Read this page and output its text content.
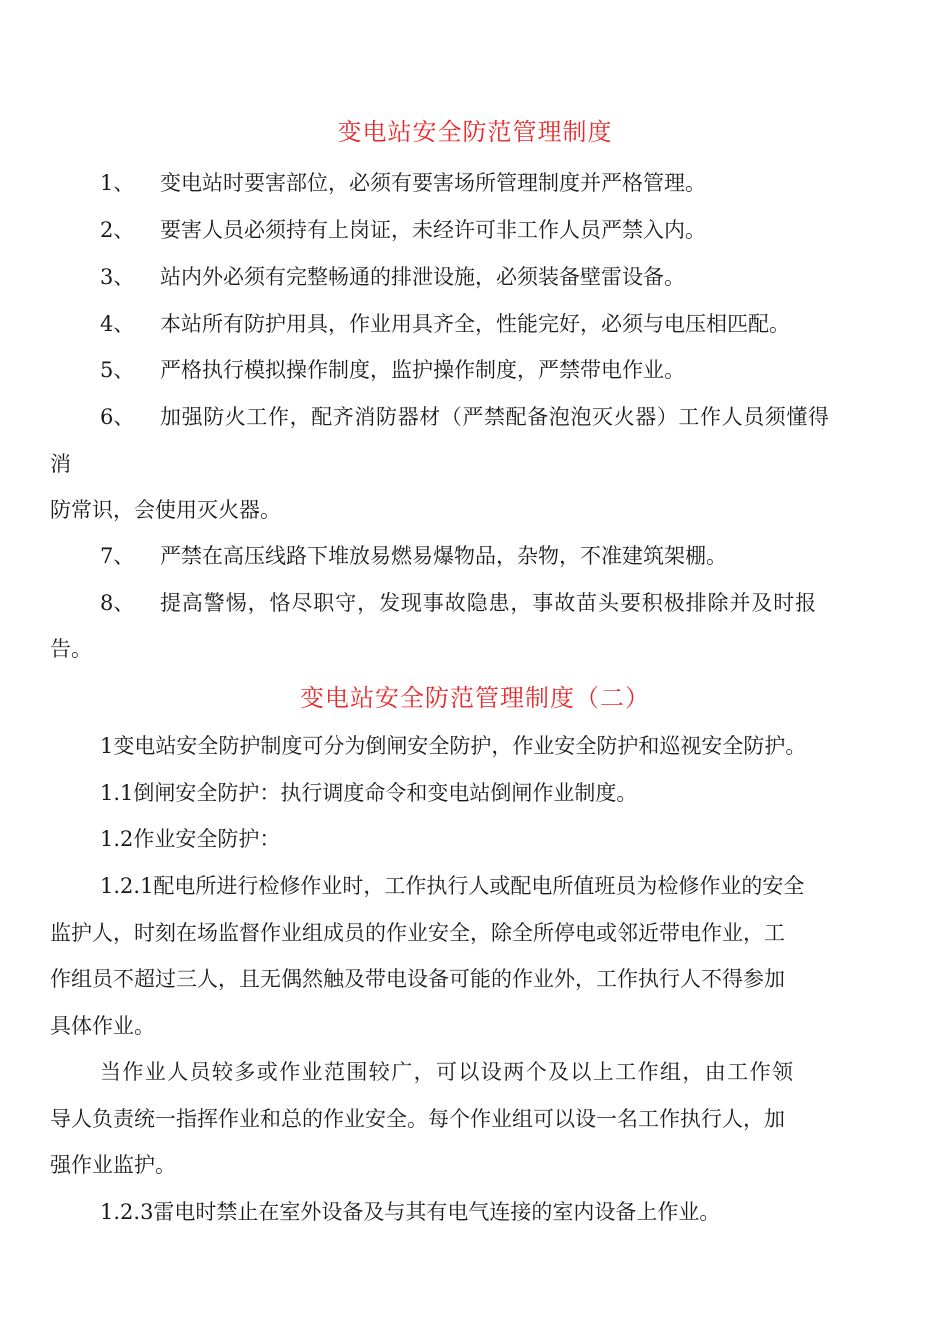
变电站安全防范管理制度
1、 变电站时要害部位，必须有要害场所管理制度并严格管理。
2、 要害人员必须持有上岗证，未经许可非工作人员严禁入内。
3、 站内外必须有完整畅通的排泄设施，必须装备壁雷设备。
4、 本站所有防护用具，作业用具齐全，性能完好，必须与电压相匹配。
5、 严格执行模拟操作制度，监护操作制度，严禁带电作业。
6、 加强防火工作，配齐消防器材（严禁配备泡泡灭火器）工作人员须懂得
消
防常识，会使用灭火器。
7、 严禁在高压线路下堆放易燃易爆物品，杂物，不准建筑架棚。
8、 提高警惕，恪尽职守，发现事故隐患，事故苗头要积极排除并及时报
告。
变电站安全防范管理制度（二）
1变电站安全防护制度可分为倒闸安全防护，作业安全防护和巡视安全防护。
1.1倒闸安全防护：执行调度命令和变电站倒闸作业制度。
1.2作业安全防护：
1.2.1配电所进行检修作业时，工作执行人或配电所值班员为检修作业的安全
监护人，时刻在场监督作业组成员的作业安全，除全所停电或邻近带电作业，工
作组员不超过三人，且无偶然触及带电设备可能的作业外，工作执行人不得参加
具体作业。
当作业人员较多或作业范围较广，可以设两个及以上工作组，由工作领
导人负责统一指挥作业和总的作业安全。每个作业组可以设一名工作执行人，加
强作业监护。
1.2.3雷电时禁止在室外设备及与其有电气连接的室内设备上作业。
